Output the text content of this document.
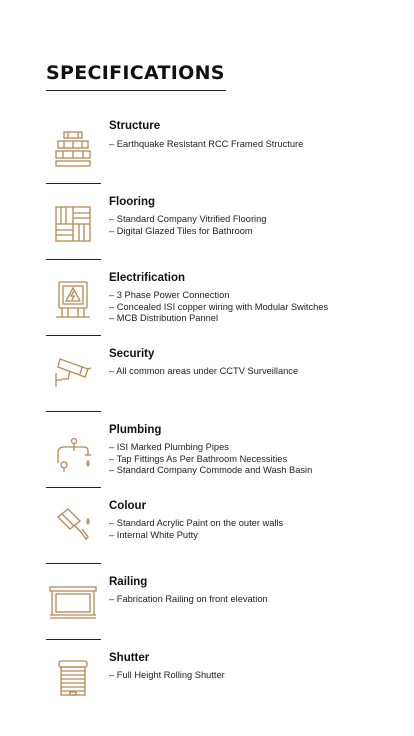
SPECIFICATIONS

Structure

– Earthquake Resistant RCC Framed Structure

Flooring

– Standard Company Vitrified Flooring
– Digital Glazed Tiles for Bathroom

Electrification

– 3 Phase Power Connection
– Concealed ISI copper wiring with Modular Switches
– MCB Distribution Pannel

Security

– All common areas under CCTV Surveillance

Plumbing

– ISI Marked Plumbing Pipes
– Tap Fittings As Per Bathroom Necessities
– Standard Company Commode and Wash Basin

Colour

– Standard Acrylic Paint on the outer walls
– Internal White Putty

Railing

– Fabrication Railing on front elevation

Shutter

– Full Height Rolling Shutter
